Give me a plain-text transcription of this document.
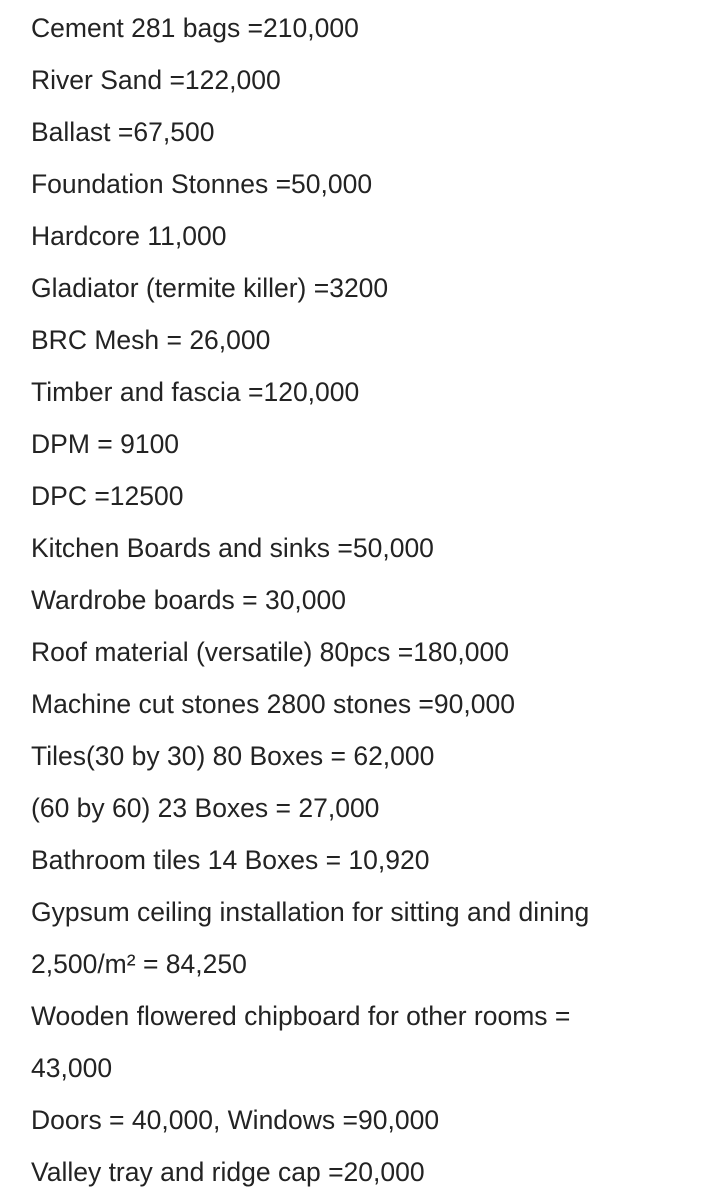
Cement 281 bags =210,000
River Sand =122,000
Ballast =67,500
Foundation Stonnes =50,000
Hardcore 11,000
Gladiator (termite killer) =3200
BRC Mesh = 26,000
Timber and fascia =120,000
DPM = 9100
DPC =12500
Kitchen Boards and sinks =50,000
Wardrobe boards = 30,000
Roof material (versatile) 80pcs =180,000
Machine cut stones 2800 stones =90,000
Tiles(30 by 30) 80 Boxes = 62,000
(60 by 60) 23 Boxes = 27,000
Bathroom tiles 14 Boxes = 10,920
Gypsum ceiling installation for sitting and dining
2,500/m² = 84,250
Wooden flowered chipboard for other rooms =
43,000
Doors = 40,000, Windows =90,000
Valley tray and ridge cap =20,000
